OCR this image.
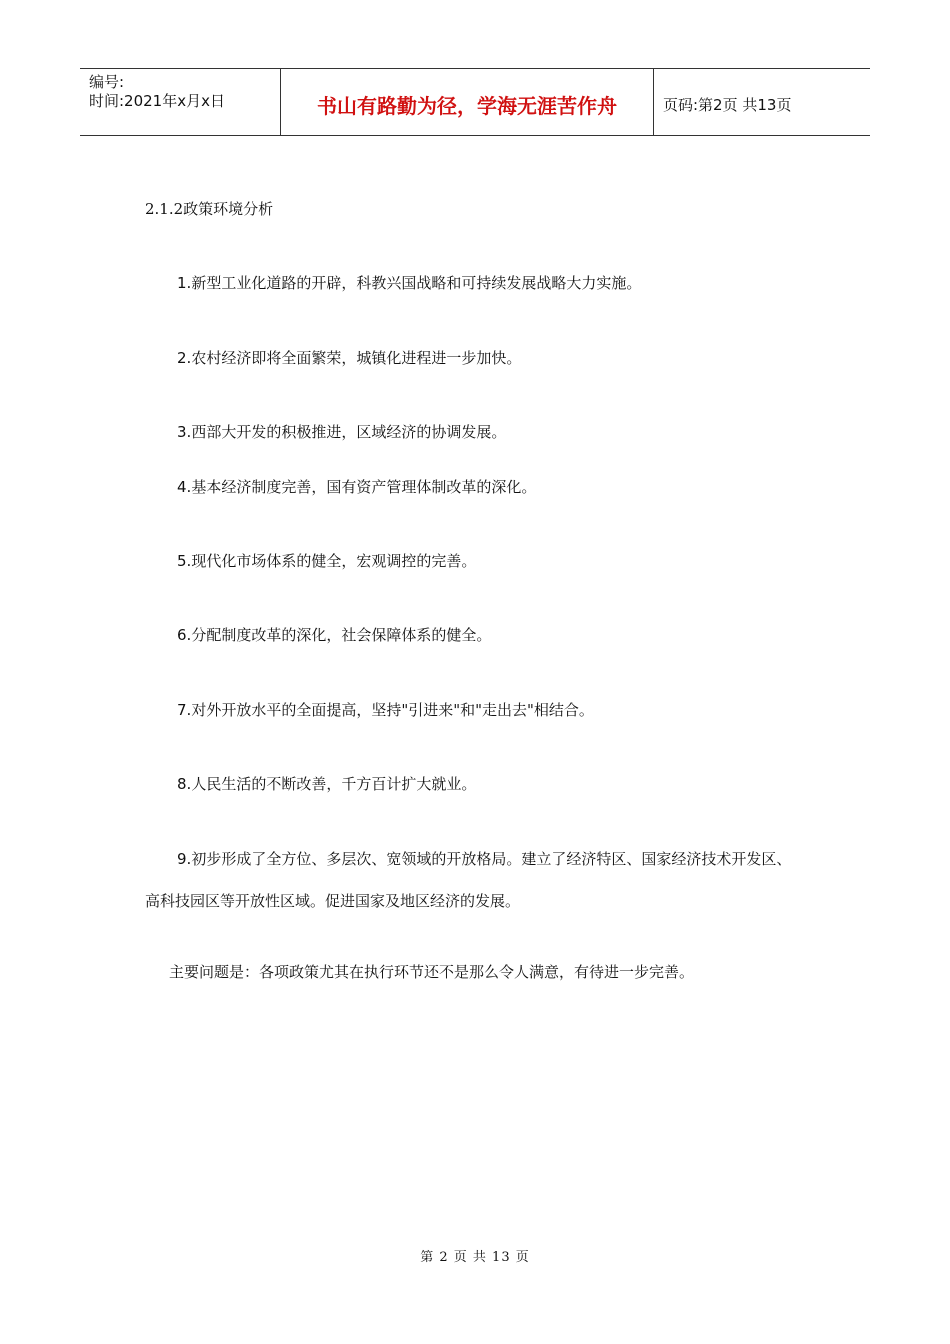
编号:
时间:2021年x月x日	书山有路勤为径，学海无涯苦作舟	页码:第2页 共13页

2.1.2政策环境分析

1.新型工业化道路的开辟，科教兴国战略和可持续发展战略大力实施。

2.农村经济即将全面繁荣，城镇化进程进一步加快。

3.西部大开发的积极推进，区域经济的协调发展。

4.基本经济制度完善，国有资产管理体制改革的深化。

5.现代化市场体系的健全，宏观调控的完善。

6.分配制度改革的深化，社会保障体系的健全。

7.对外开放水平的全面提高，坚持"引进来"和"走出去"相结合。

8.人民生活的不断改善，千方百计扩大就业。

9.初步形成了全方位、多层次、宽领域的开放格局。建立了经济特区、国家经济技术开发区、高科技园区等开放性区域。促进国家及地区经济的发展。

主要问题是：各项政策尤其在执行环节还不是那么令人满意，有待进一步完善。

第 2 页 共 13 页
